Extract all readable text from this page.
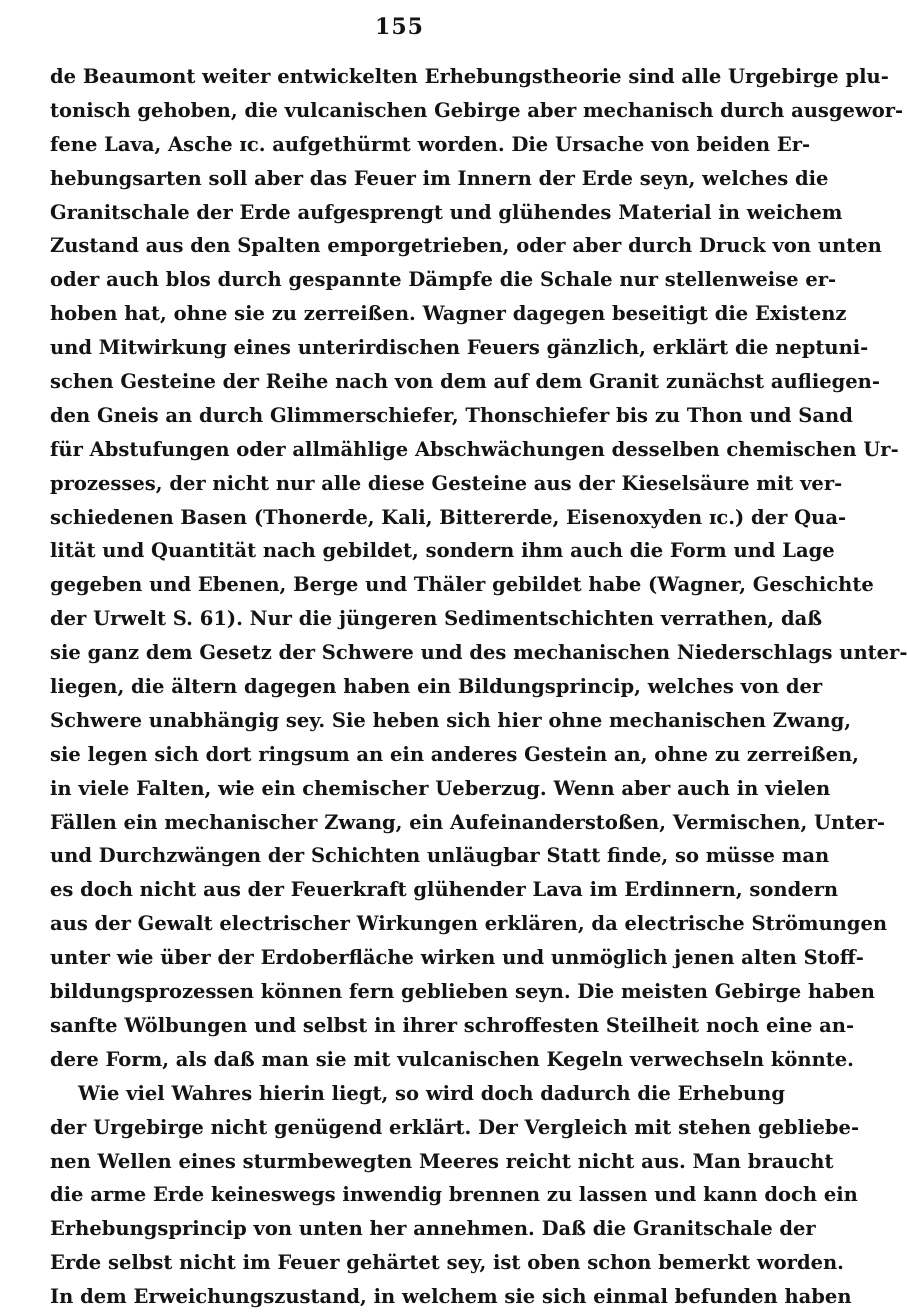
155
de Beaumont weiter entwickelten Erhebungstheorie sind alle Urgebirge plu-
tonisch gehoben, die vulcanischen Gebirge aber mechanisch durch ausgewor-
fene Lava, Asche ɪc. aufgethürmt worden. Die Ursache von beiden Er-
hebungsarten soll aber das Feuer im Innern der Erde seyn, welches die
Granitschale der Erde aufgesprengt und glühendes Material in weichem
Zustand aus den Spalten emporgetrieben, oder aber durch Druck von unten
oder auch blos durch gespannte Dämpfe die Schale nur stellenweise er-
hoben hat, ohne sie zu zerreißen. Wagner dagegen beseitigt die Existenz
und Mitwirkung eines unterirdischen Feuers gänzlich, erklärt die neptuni-
schen Gesteine der Reihe nach von dem auf dem Granit zunächst aufliegen-
den Gneis an durch Glimmerschiefer, Thonschiefer bis zu Thon und Sand
für Abstufungen oder allmählige Abschwächungen desselben chemischen Ur-
prozesses, der nicht nur alle diese Gesteine aus der Kieselsäure mit ver-
schiedenen Basen (Thonerde, Kali, Bittererde, Eisenoxyden ɪc.) der Qua-
lität und Quantität nach gebildet, sondern ihm auch die Form und Lage
gegeben und Ebenen, Berge und Thäler gebildet habe (Wagner, Geschichte
der Urwelt S. 61). Nur die jüngeren Sedimentschichten verrathen, daß
sie ganz dem Gesetz der Schwere und des mechanischen Niederschlags unter-
liegen, die ältern dagegen haben ein Bildungsprincip, welches von der
Schwere unabhängig sey. Sie heben sich hier ohne mechanischen Zwang,
sie legen sich dort ringsum an ein anderes Gestein an, ohne zu zerreißen,
in viele Falten, wie ein chemischer Ueberzug. Wenn aber auch in vielen
Fällen ein mechanischer Zwang, ein Aufeinanderstoßen, Vermischen, Unter-
und Durchzwängen der Schichten unläugbar Statt finde, so müsse man
es doch nicht aus der Feuerkraft glühender Lava im Erdinnern, sondern
aus der Gewalt electrischer Wirkungen erklären, da electrische Strömungen
unter wie über der Erdoberfläche wirken und unmöglich jenen alten Stoff-
bildungsprozessen können fern geblieben seyn. Die meisten Gebirge haben
sanfte Wölbungen und selbst in ihrer schroffesten Steilheit noch eine an-
dere Form, als daß man sie mit vulcanischen Kegeln verwechseln könnte.
Wie viel Wahres hierin liegt, so wird doch dadurch die Erhebung
der Urgebirge nicht genügend erklärt. Der Vergleich mit stehen gebliebe-
nen Wellen eines sturmbewegten Meeres reicht nicht aus. Man braucht
die arme Erde keineswegs inwendig brennen zu lassen und kann doch ein
Erhebungsprincip von unten her annehmen. Daß die Granitschale der
Erde selbst nicht im Feuer gehärtet sey, ist oben schon bemerkt worden.
In dem Erweichungszustand, in welchem sie sich einmal befunden haben
